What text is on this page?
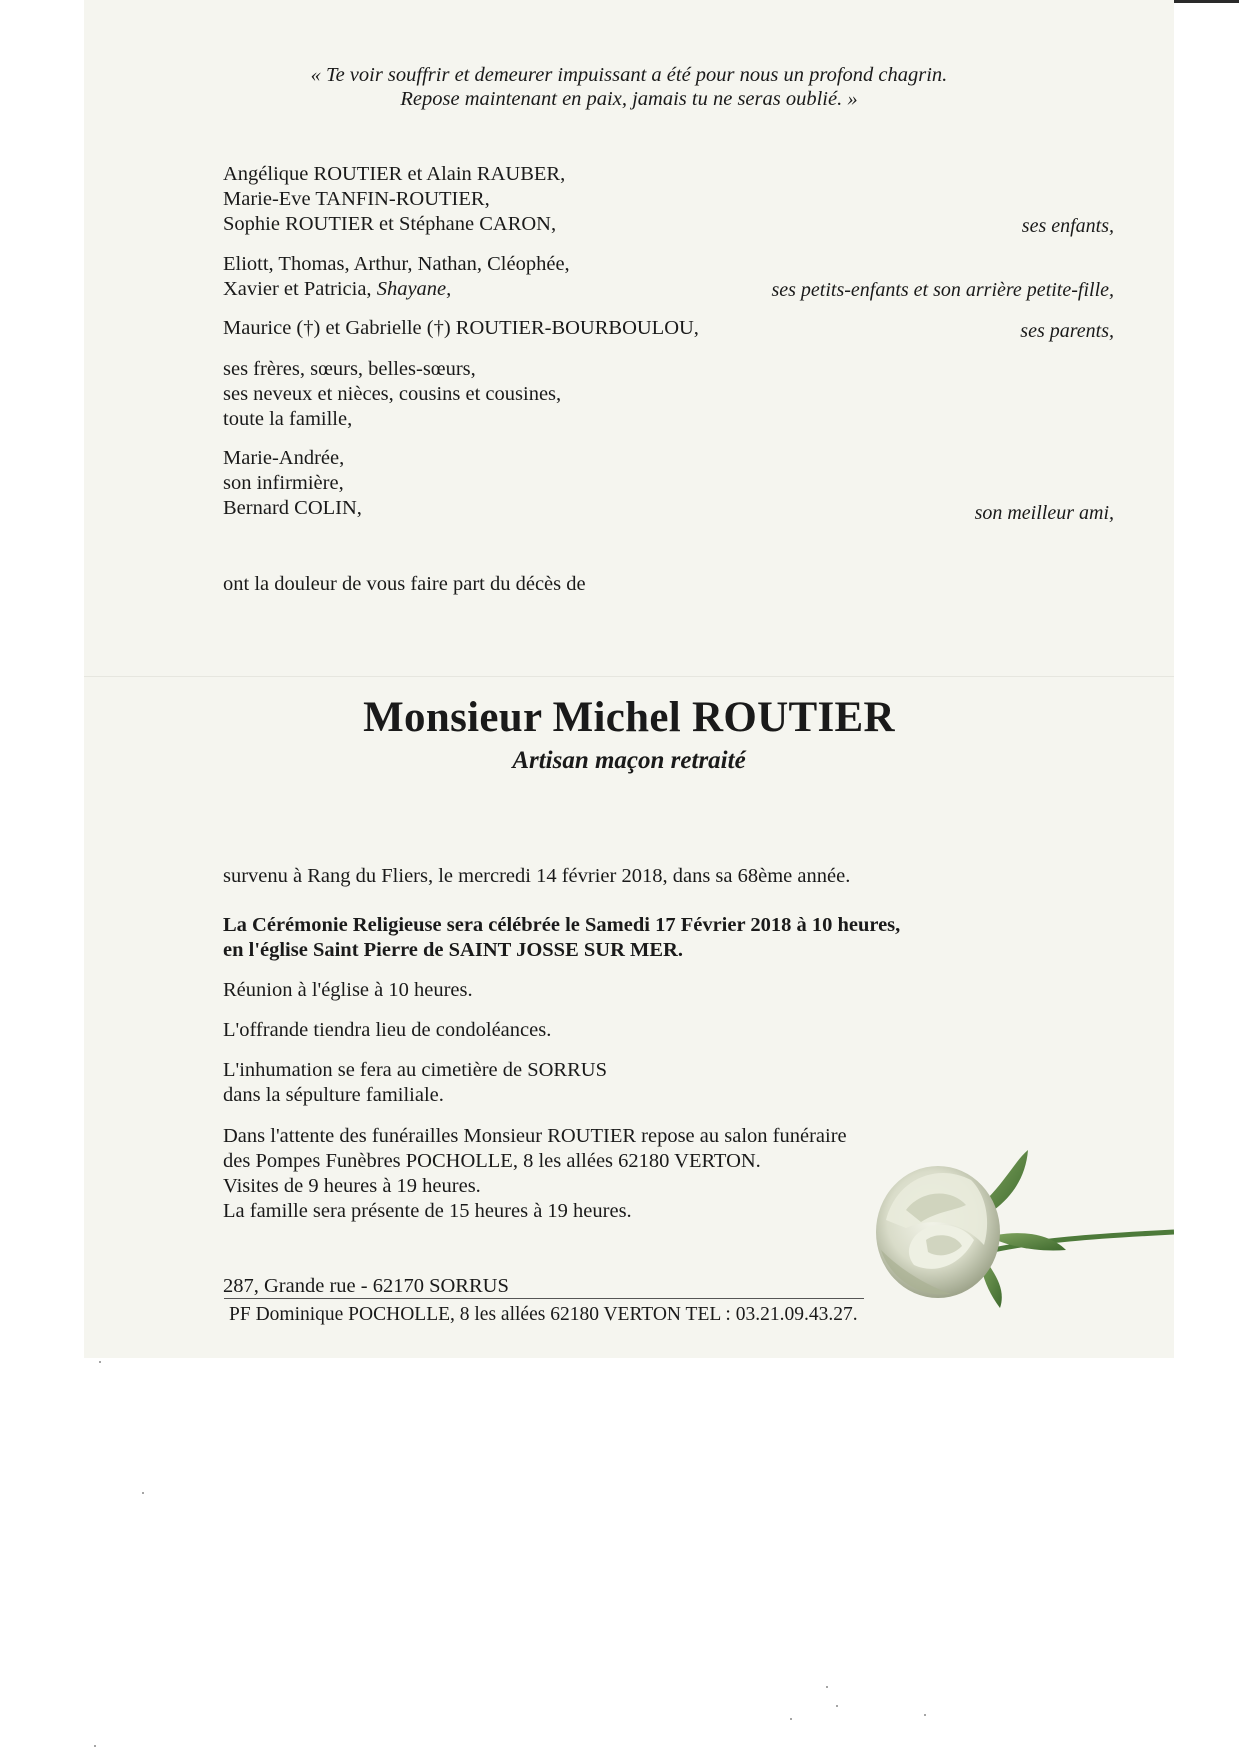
« Te voir souffrir et demeurer impuissant a été pour nous un profond chagrin.
Repose maintenant en paix, jamais tu ne seras oublié. »
Angélique ROUTIER et Alain RAUBER,
Marie-Eve TANFIN-ROUTIER,
Sophie ROUTIER et Stéphane CARON,	ses enfants,
Eliott, Thomas, Arthur, Nathan, Cléophée,
Xavier et Patricia, Shayane,	ses petits-enfants et son arrière petite-fille,
Maurice (†) et Gabrielle (†) ROUTIER-BOURBOULOU,	ses parents,
ses frères, sœurs, belles-sœurs,
ses neveux et nièces, cousins et cousines,
toute la famille,
Marie-Andrée,
son infirmière,
Bernard COLIN,	son meilleur ami,
ont la douleur de vous faire part du décès de
Monsieur Michel ROUTIER
Artisan maçon retraité
survenu à Rang du Fliers, le mercredi 14 février 2018, dans sa 68ème année.
La Cérémonie Religieuse sera célébrée le Samedi 17 Février 2018 à 10 heures,
en l'église Saint Pierre de SAINT JOSSE SUR MER.
Réunion à l'église à 10 heures.
L'offrande tiendra lieu de condoléances.
L'inhumation se fera au cimetière de SORRUS
dans la sépulture familiale.
Dans l'attente des funérailles Monsieur ROUTIER repose au salon funéraire
des Pompes Funèbres POCHOLLE, 8 les allées 62180 VERTON.
Visites de 9 heures à 19 heures.
La famille sera présente de 15 heures à 19 heures.
287, Grande rue - 62170 SORRUS
PF Dominique POCHOLLE, 8 les allées 62180 VERTON TEL : 03.21.09.43.27.
